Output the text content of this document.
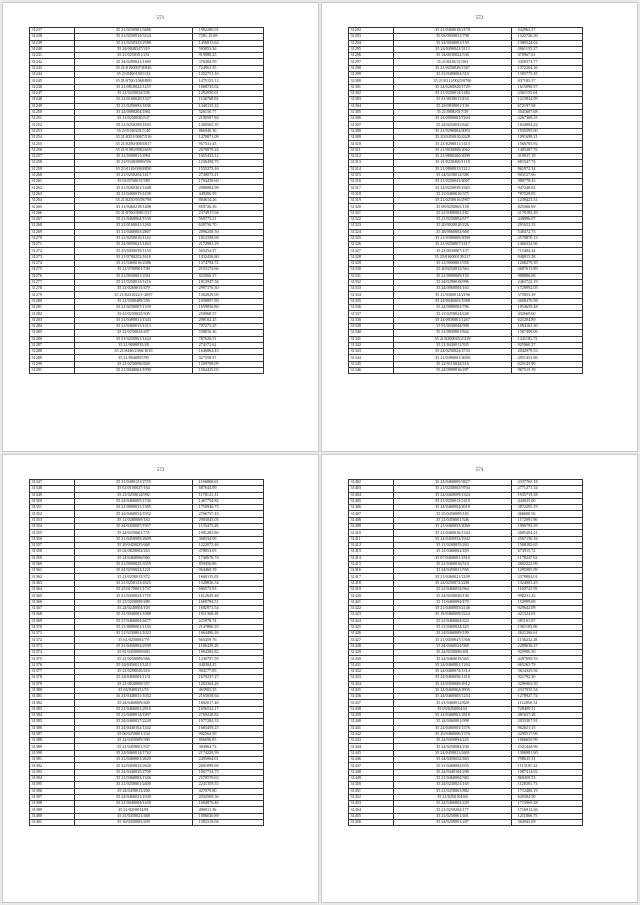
571
31237	35 21/0250901/3486	1992200.01
31238	35 21/0250914/3124	7291.15.69
31239	35 21/0250323/2588	1456813.62
31240	35 24/0040347/319	593853.36
31241	35 21/0250391/251	919988.25
31242	35 24/0290041/1469	376304.59
31243	35 21/0160007/0/846	724961.35
31244	35 21/0460150/1/32	1352751.16
31245	35 21/0700/1060/809	1475155.12
31246	35 21/0810022/1257	1668725.02
31247	35 21/0250024/336	1292050.01
31248	35 21/0160020/1327	1146768.02
31249	35 21/0250093/1846	1440135.22
31250	35 24/0090204/1861	526150.77
31251	35 21/0250020/537	2190597.84
31252	35 21/0250209/1692	1260565.35
31253	35 21/0140201/1/49	866946.36
31254	35 21/0251/0067/516	1470871.09
31255	35 21/0290/0003/817	957531.45
31256	35 21/0180/0982/609	2670879.24
31257	35 21/0300811/2961	1655433.12
31258	35 21/0340/0080/9/6	1236458.75
31259	35 21/0110/0094/850	1555275.16
31260	35 21/0250204/1417	2740075.21
31261	35 03/0750015/385	1704458.60
31262	35 21/0260301/1448	2988084.98
31263	35 21/0460015/1239	449306.59
31264	35 21/0250/0039/798	804614.26
31265	35 21/0460218/1408	659726.56
31266	35 21/0760/0081/537	2374917.04
31267	35 21/0460064/1530	569775.21
31268	35 21/0160041/1260	639756.70
31269	35 21/0460063/2807	2096258.50
31270	35 21/0250010/1142	1812358.68
31271	35 24/0050021/1463	2172981.29
31272	35 25/0450039/1135	563254.27
31273	35 21/0700252/1616	1432436.60
31274	35 21/0460016/2386	1374794.72
31275	35 21/0700001/740	2153173.66
31276	35 21/0030001/2361	823566.37
31277	35 21/0250013/1216	1812947.56
31278	35 21/0260015/479	2997176.30
31279	35 21/0221022/1-2697	1302829.09
31280	35 21/0300489/356	1958897.89
31281	35 21/0250007/1339	1659836.86
31282	35 41/0250025/305	250968.57
31283	35 21/0490031/1343	298102.25
31284	35 21/0460015/1313	707273.25
31285	35 21/0250024/407	538816.36
31286	35 21/0250061/1424	787626.51
31287	35 21/0000035/48	274172.62
31288	35 21/0440/2366/1610	1646864.43
31289	35 21/0040007/89	427558.57
31290	35 21/0250096/826	1209708.09
31291	35 21/0040063/1090	1564425.05
572
31292	35 21/0460018/2178	542962.37
31293	35 03/0930031/798	1323726.30
31294	35 24/0040001/150	1380524.04
31295	35 24/0490041/3113	2661155.37
31296	35 14/0030022/536	470967.61
31297	35 21/0418/21/363	3450573.77
31298	35 21/0250026/1367	1372264.26
31299	35 21/0490004/310	1305775.45
31300	35 21/0211/0023/0790	837185.57
31301	35 24/0260020/1729	1615090.57
31302	35 21/0250014/1482	2361155.04
31303	35 81/0030011/434	1213824.09
31304	35 25/0830001/130	672197.68
31305	35 21/0880/017/39	3541607.68
31306	35 24/0090002/7204	2267368.25
31307	35 24/0250041/642	1634894.22
31308	35 21/0290084/4093	1935595.00
31309	35 20/0450010/4328	1091699.21
31310	35 21/0290011/1413	1566705.92
31311	35 21/0030008/2062	1485287.76
31312	35 21/0800260/2099	319037.19
31313	35 21/0230400/1118	681547.74
31314	35 21/0800015/1212	861972.34
31315	35 24/0250014/386	903127.06
31316	35 21/0250041/4007	988778.43
31317	35 34/0250039/1663	947248.02
31318	35 21/0460016/375	787529.05
31319	35 21/0250016/2967	1239423.31
31320	35 09/0250065/158	825366.69
31321	35 21/0490002/182	2178185.29
31322	35 21/0250002/677	449096.07
31323	35 20/0020010/226	291653.33
31324	35 28/0060002/668	540472.73
31325	35 21/0390009/2099	2570870.13
31326	35 21/0250007/1417	1466332.96
31327	35 21/0030007/157	715404.44
31328	35 25/0160001/8/217	940815.28
31329	35 21/0000801/958	1268279.39
31330	35 20/0250032/563	2697613.89
31331	35 21/0890009/150	988886.68
31332	35 24/0290018/996	2463722.19
31333	35 24/0060004/163	1729992.05
31334	35 21/0300014/2196	375853.39
31335	35 24/0040003/1988	2608476.98
31336	35 24/0080003/786	1054659.48
31337	35 21/0250024/428	432669.60
31338	35 24/0030001/1267	621204.89
31339	35 91/0030044/998	1094163.30
31340	35 21/0030001/844	1367409.06
31341	35 21/0200045/2/418	1241181.72
31342	35 21/0430011/395	925960.37
31343	35 24/0250024/4733	2042979.53
31344	35 21/0490001/4009	2051451.86
31345	35 22/0110024/316	625145.90
31346	35 24/0090016/287	967515.19
573
31347	35 21/0400131/2755	1166860.63
31348	35 61/0100027/164	687644.09
31349	35 21/0250014/992	1178141.31
31350	35 24/0460005/1746	1467734.82
31351	35 21/0800031/1385	1750946.73
31352	35 24/0460054/1952	2766757.43
31353	35 11/0280069/184	2903045.05
31354	35 24/0450087/1957	1135473.29
31355	35 24/0250601/755	1091283.86
31356	35 21/0450009/2609	368334.09
31357	35 20/0450025/668	1222075.46
31358	35 02/0820002/263	478853.03
31359	35 24/0460006/960	1740676.74
31360	35 21/0090025/3359	859456.86
31361	35 24/0250022/1221	964468.39
31362	35 21/0250015/372	1660115.03
31363	35 21/0250123/4325	1328836.34
31364	35 25/0170001/1737	696573.93
31365	35 21/0430024/1755	1612639.48
31366	35 21/0250009/289	1669784.51
31367	35 24/0240004/103	1682971.54
31368	35 21/0040001/1088	1911368.28
31369	35 27/0460004/4477	225978.74
31370	35 21/0080001/1156	2147866.35
31371	35 21/0250001/1023	1664486.26
31372	35 61/0250081/79	665459.76
31373	35 21/0450004/2599	1186429.29
31374	35 81/0450009/603	1904382.82
31375	35 21/0250009/566	1230797.59
31376	35 24/0450011/1413	440304.45
31377	35 21/0290030/416	904177.09
31378	35 24/0460004/1131	1678237.27
31379	35 21/0020008/357	1292364.26
31380	35 04/0400251/55	463903.35
31381	35 21/0440031/1032	2165658.64
31382	35 24/0460009/400	1682017.40
31383	35 21/0460001/2910	1656532.17
31384	35 21/0400014/1997	2769228.82
31385	35 24/0400037/2249	1977284.33
31386	35 24/0440102/1442	1683459.25
31387	35 06/0250001/234	902564.50
31388	35 24/0450009/390	806690.85
31389	35 21/0450001/337	384964.72
31390	35 24/0460014/1762	2174229.59
31391	35 21/0460001/2620	2495064.01
31392	35 22/0450032/2620	2691899.69
31393	35 24/0440035/2700	1067734.75
31394	35 21/0460083/1346	2578570.63
31395	35 21/0250061/2400	2241359.55
31396	35 24/0450013/200	427979.80
31397	35 24/0460021/1949	2032569.36
31398	35 21/0040004/1450	1684876.46
31399	35 21/0250014/81	490011.36
31400	35 21/0450021/468	1006630.89
31401	35 16/0450003/459	1382319.04
574
31402	35 24/0460009/3827	2337765.18
31403	35 21/0230003/9704	2771271.34
31404	35 24/0460009/1324	1935719.58
31405	35 21/0250013/1419	444025.00
31406	35 24/0460004/2018	3872295.19
31407	35 25/0450009/183	366600.56
31408	35 21/0450001/346	1172091.96
31409	35 21/0460053/2060	1906793.59
31410	35 21/0460016/1344	2685494.21
31411	35 24/0450054/1942	2567156.16
31412	35 21/0200055/263	1568182.65
31413	35 21/0460002/459	673915.72
31414	35 07/0460081/1810	1178247.02
31415	35 21/0460016/514	2692222.99
31416	35 24/0450021/556	1295085.99
31417	35 21/0460021/2109	2379804.01
31418	35 24/0250072/2281	1324003.45
31419	35 21/0460054/964	1160723.59
31420	35 24/0250030/130	998231.42
31421	35 11/0460094/470	152999.69
31422	35 21/0460003/2146	929642.09
31423	35 18/0460009/2224	421324.03
31424	35 21/0460064/424	281161.07
31425	35 21/0460024/423	1361105.00
31426	35 24/0460009/109	2621266.61
31427	35 21/0450047/1568	1136232.28
31428	35 24/0460024/968	2289636.27
31429	35 24/0250096/491	925906.50
31430	35 24/0460019/365	4497099.53
31431	35 24/0460001/1264	665263.79
31432	35 24/0460074/1314	3614325.56
31433	35 24/0460056/1410	921792.20
31434	35 24/0450069/4912	3296962.30
31435	35 24/0460064/4905	2337935.54
31436	35 24/0460005/1254	1278927.74
31437	35 21/0460012/828	1112850.14
31438	35 03/0250004/61	728409.31
31439	35 24/0460001/2818	481637.28
31440	35 24/0460001/998	2033367.91
31441	35 24/0460005/1576	962621.15
31442	35 20/0460006/1376	2290517.96
31443	35 24/0450094/225	1066650.99
31444	35 24/0250084/436	2321444.96
31445	35 24/0450021/4401	1306981.60
31446	35 24/0450022/463	798635.31
31447	35 21/0460004/935	1113191.32
31448	35 24/0440104/208	1087414.02
31449	35 21/0460004/382	860459.53
31450	35 24/0230021/165	1128301.73
31451	35 21/0250061/882	1712486.19
31452	35 21/0250104/60	620304.50
31453	35 24/0460002/229	1715969.28
31454	35 21/0250204/177	1716912.26
31455	35 21/0250061/401	1211866.75
31456	35 24/0250001/287	364943.69
